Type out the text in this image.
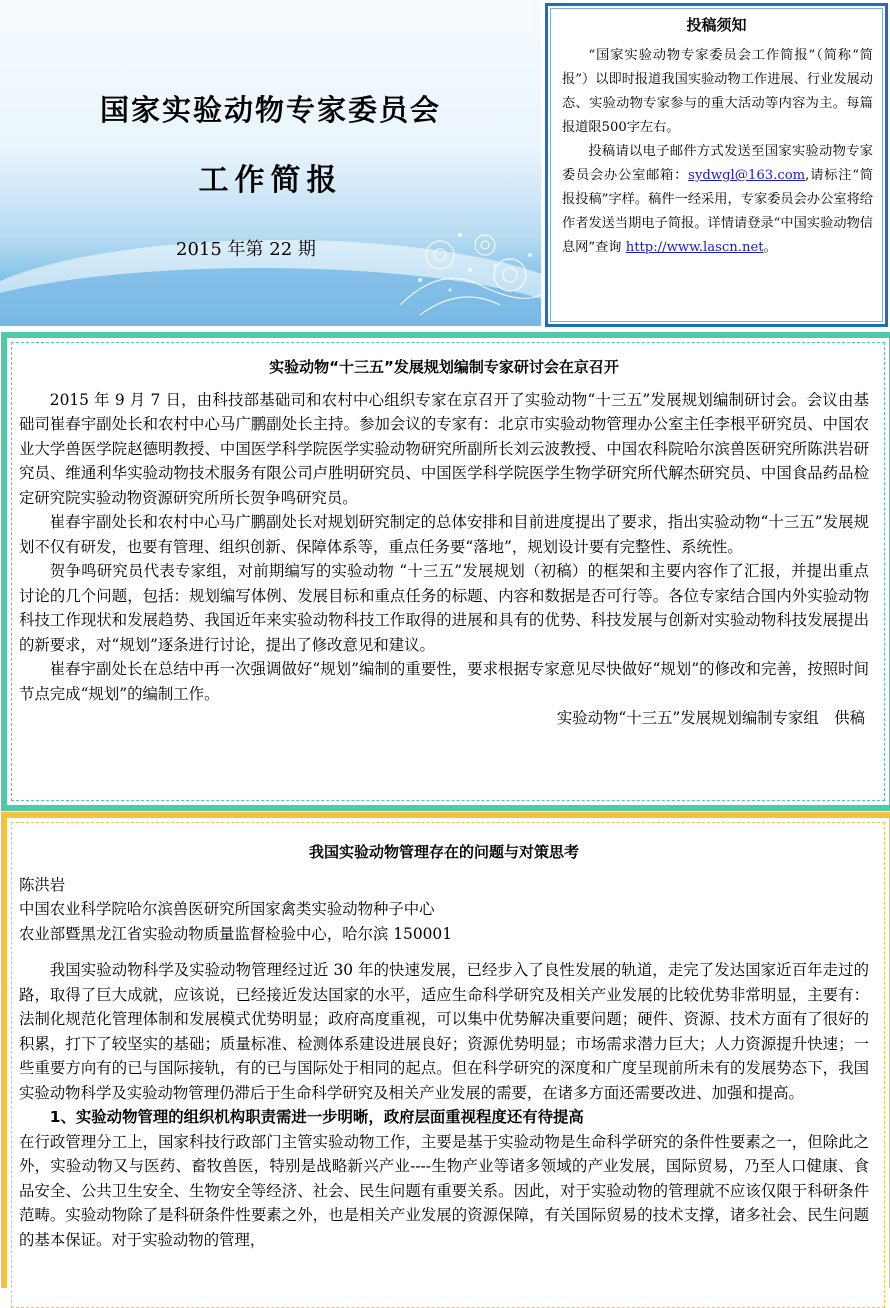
国家实验动物专家委员会
工作简报
2015 年第 22 期
投稿须知

“国家实验动物专家委员会工作简报”（简称“简报”）以即时报道我国实验动物工作进展、行业发展动态、实验动物专家参与的重大活动等内容为主。每篇报道限500字左右。

投稿请以电子邮件方式发送至国家实验动物专家委员会办公室邮箱：sydwgl@163.com,请标注“简报投稿”字样。稿件一经采用，专家委员会办公室将给作者发送当期电子简报。详情请登录“中国实验动物信息网”查询 http://www.lascn.net。

实验动物“十三五”发展规划编制专家研讨会在京召开

2015 年 9 月 7 日，由科技部基础司和农村中心组织专家在京召开了实验动物“十三五”发展规划编制研讨会。会议由基础司崔春宇副处长和农村中心马广鹏副处长主持。参加会议的专家有：北京市实验动物管理办公室主任李根平研究员、中国农业大学兽医学院赵德明教授、中国医学科学院医学实验动物研究所副所长刘云波教授、中国农科院哈尔滨兽医研究所陈洪岩研究员、维通利华实验动物技术服务有限公司卢胜明研究员、中国医学科学院医学生物学研究所代解杰研究员、中国食品药品检定研究院实验动物资源研究所所长贺争鸣研究员。

崔春宇副处长和农村中心马广鹏副处长对规划研究制定的总体安排和目前进度提出了要求，指出实验动物“十三五”发展规划不仅有研发，也要有管理、组织创新、保障体系等，重点任务要“落地”，规划设计要有完整性、系统性。

贺争鸣研究员代表专家组，对前期编写的实验动物 “十三五”发展规划（初稿）的框架和主要内容作了汇报，并提出重点讨论的几个问题，包括：规划编写体例、发展目标和重点任务的标题、内容和数据是否可行等。各位专家结合国内外实验动物科技工作现状和发展趋势、我国近年来实验动物科技工作取得的进展和具有的优势、科技发展与创新对实验动物科技发展提出的新要求，对“规划”逐条进行讨论，提出了修改意见和建议。

崔春宇副处长在总结中再一次强调做好“规划”编制的重要性，要求根据专家意见尽快做好“规划”的修改和完善，按照时间节点完成“规划”的编制工作。

实验动物“十三五”发展规划编制专家组　供稿
我国实验动物管理存在的问题与对策思考

陈洪岩

中国农业科学院哈尔滨兽医研究所国家禽类实验动物种子中心

农业部暨黑龙江省实验动物质量监督检验中心，哈尔滨 150001

我国实验动物科学及实验动物管理经过近 30 年的快速发展，已经步入了良性发展的轨道，走完了发达国家近百年走过的路，取得了巨大成就，应该说，已经接近发达国家的水平，适应生命科学研究及相关产业发展的比较优势非常明显，主要有：法制化规范化管理体制和发展模式优势明显；政府高度重视，可以集中优势解决重要问题；硬件、资源、技术方面有了很好的积累，打下了较坚实的基础；质量标准、检测体系建设进展良好；资源优势明显；市场需求潜力巨大；人力资源提升快速；一些重要方向有的已与国际接轨，有的已与国际处于相同的起点。但在科学研究的深度和广度呈现前所未有的发展势态下，我国实验动物科学及实验动物管理仍滞后于生命科学研究及相关产业发展的需要，在诸多方面还需要改进、加强和提高。

1、实验动物管理的组织机构职责需进一步明晰，政府层面重视程度还有待提高

在行政管理分工上，国家科技行政部门主管实验动物工作，主要是基于实验动物是生命科学研究的条件性要素之一，但除此之外，实验动物又与医药、畜牧兽医，特别是战略新兴产业----生物产业等诸多领域的产业发展，国际贸易，乃至人口健康、食品安全、公共卫生安全、生物安全等经济、社会、民生问题有重要关系。因此，对于实验动物的管理就不应该仅限于科研条件范畴。实验动物除了是科研条件性要素之外，也是相关产业发展的资源保障，有关国际贸易的技术支撑，诸多社会、民生问题的基本保证。对于实验动物的管理，
